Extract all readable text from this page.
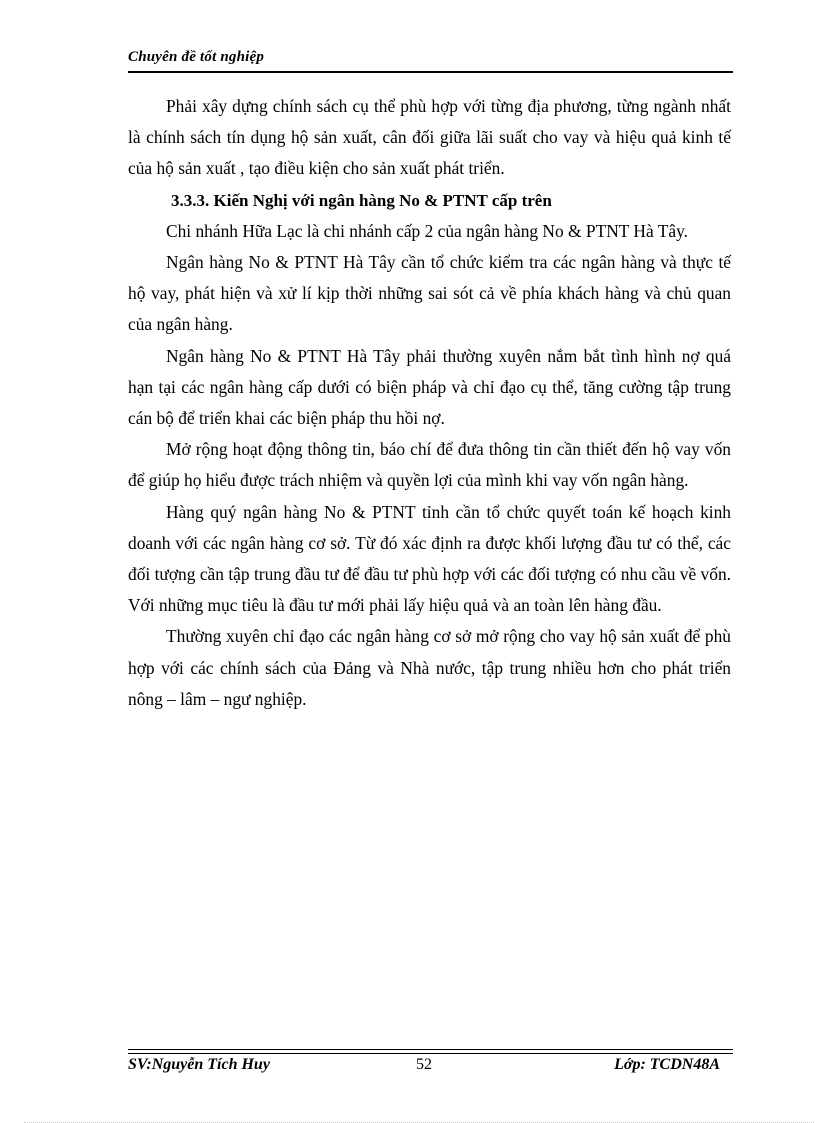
Chuyên đề tốt nghiệp

Phải xây dựng chính sách cụ thể phù hợp với từng địa phương, từng ngành nhất là chính sách tín dụng hộ sản xuất, cân đối giữa lãi suất cho vay và hiệu quả kinh tế của hộ sản xuất , tạo điều kiện cho sản xuất phát triển.

3.3.3. Kiến Nghị với ngân hàng No & PTNT cấp trên

Chi nhánh Hữa Lạc là chi nhánh cấp 2 của ngân hàng No & PTNT Hà Tây.

Ngân hàng No & PTNT Hà Tây cần tổ chức kiểm tra các ngân hàng và thực tế hộ vay, phát hiện và xử lí kịp thời những sai sót cả về phía khách hàng và chủ quan của ngân hàng.

Ngân hàng No & PTNT Hà Tây phải thường xuyên nắm bắt tình hình nợ quá hạn tại các ngân hàng cấp dưới có biện pháp và chỉ đạo cụ thể, tăng cường tập trung cán bộ để triển khai các biện pháp thu hồi nợ.

Mở rộng hoạt động thông tin, báo chí để đưa thông tin cần thiết đến hộ vay vốn để giúp họ hiểu được trách nhiệm và quyền lợi của mình khi vay vốn ngân hàng.

Hàng quý ngân hàng No & PTNT tỉnh cần tổ chức quyết toán kế hoạch kinh doanh với các ngân hàng cơ sở. Từ đó xác định ra được khối lượng đầu tư có thể, các đối tượng cần tập trung đầu tư để đầu tư phù hợp với các đối tượng có nhu cầu về vốn. Với những mục tiêu là đầu tư mới phải lấy hiệu quả và an toàn lên hàng đầu.

Thường xuyên chỉ đạo các ngân hàng cơ sở mở rộng cho vay hộ sản xuất để phù hợp với các chính sách của Đảng và Nhà nước, tập trung nhiều hơn cho phát triển nông – lâm – ngư nghiệp.

SV:Nguyễn Tích Huy	52	Lớp: TCDN48A
